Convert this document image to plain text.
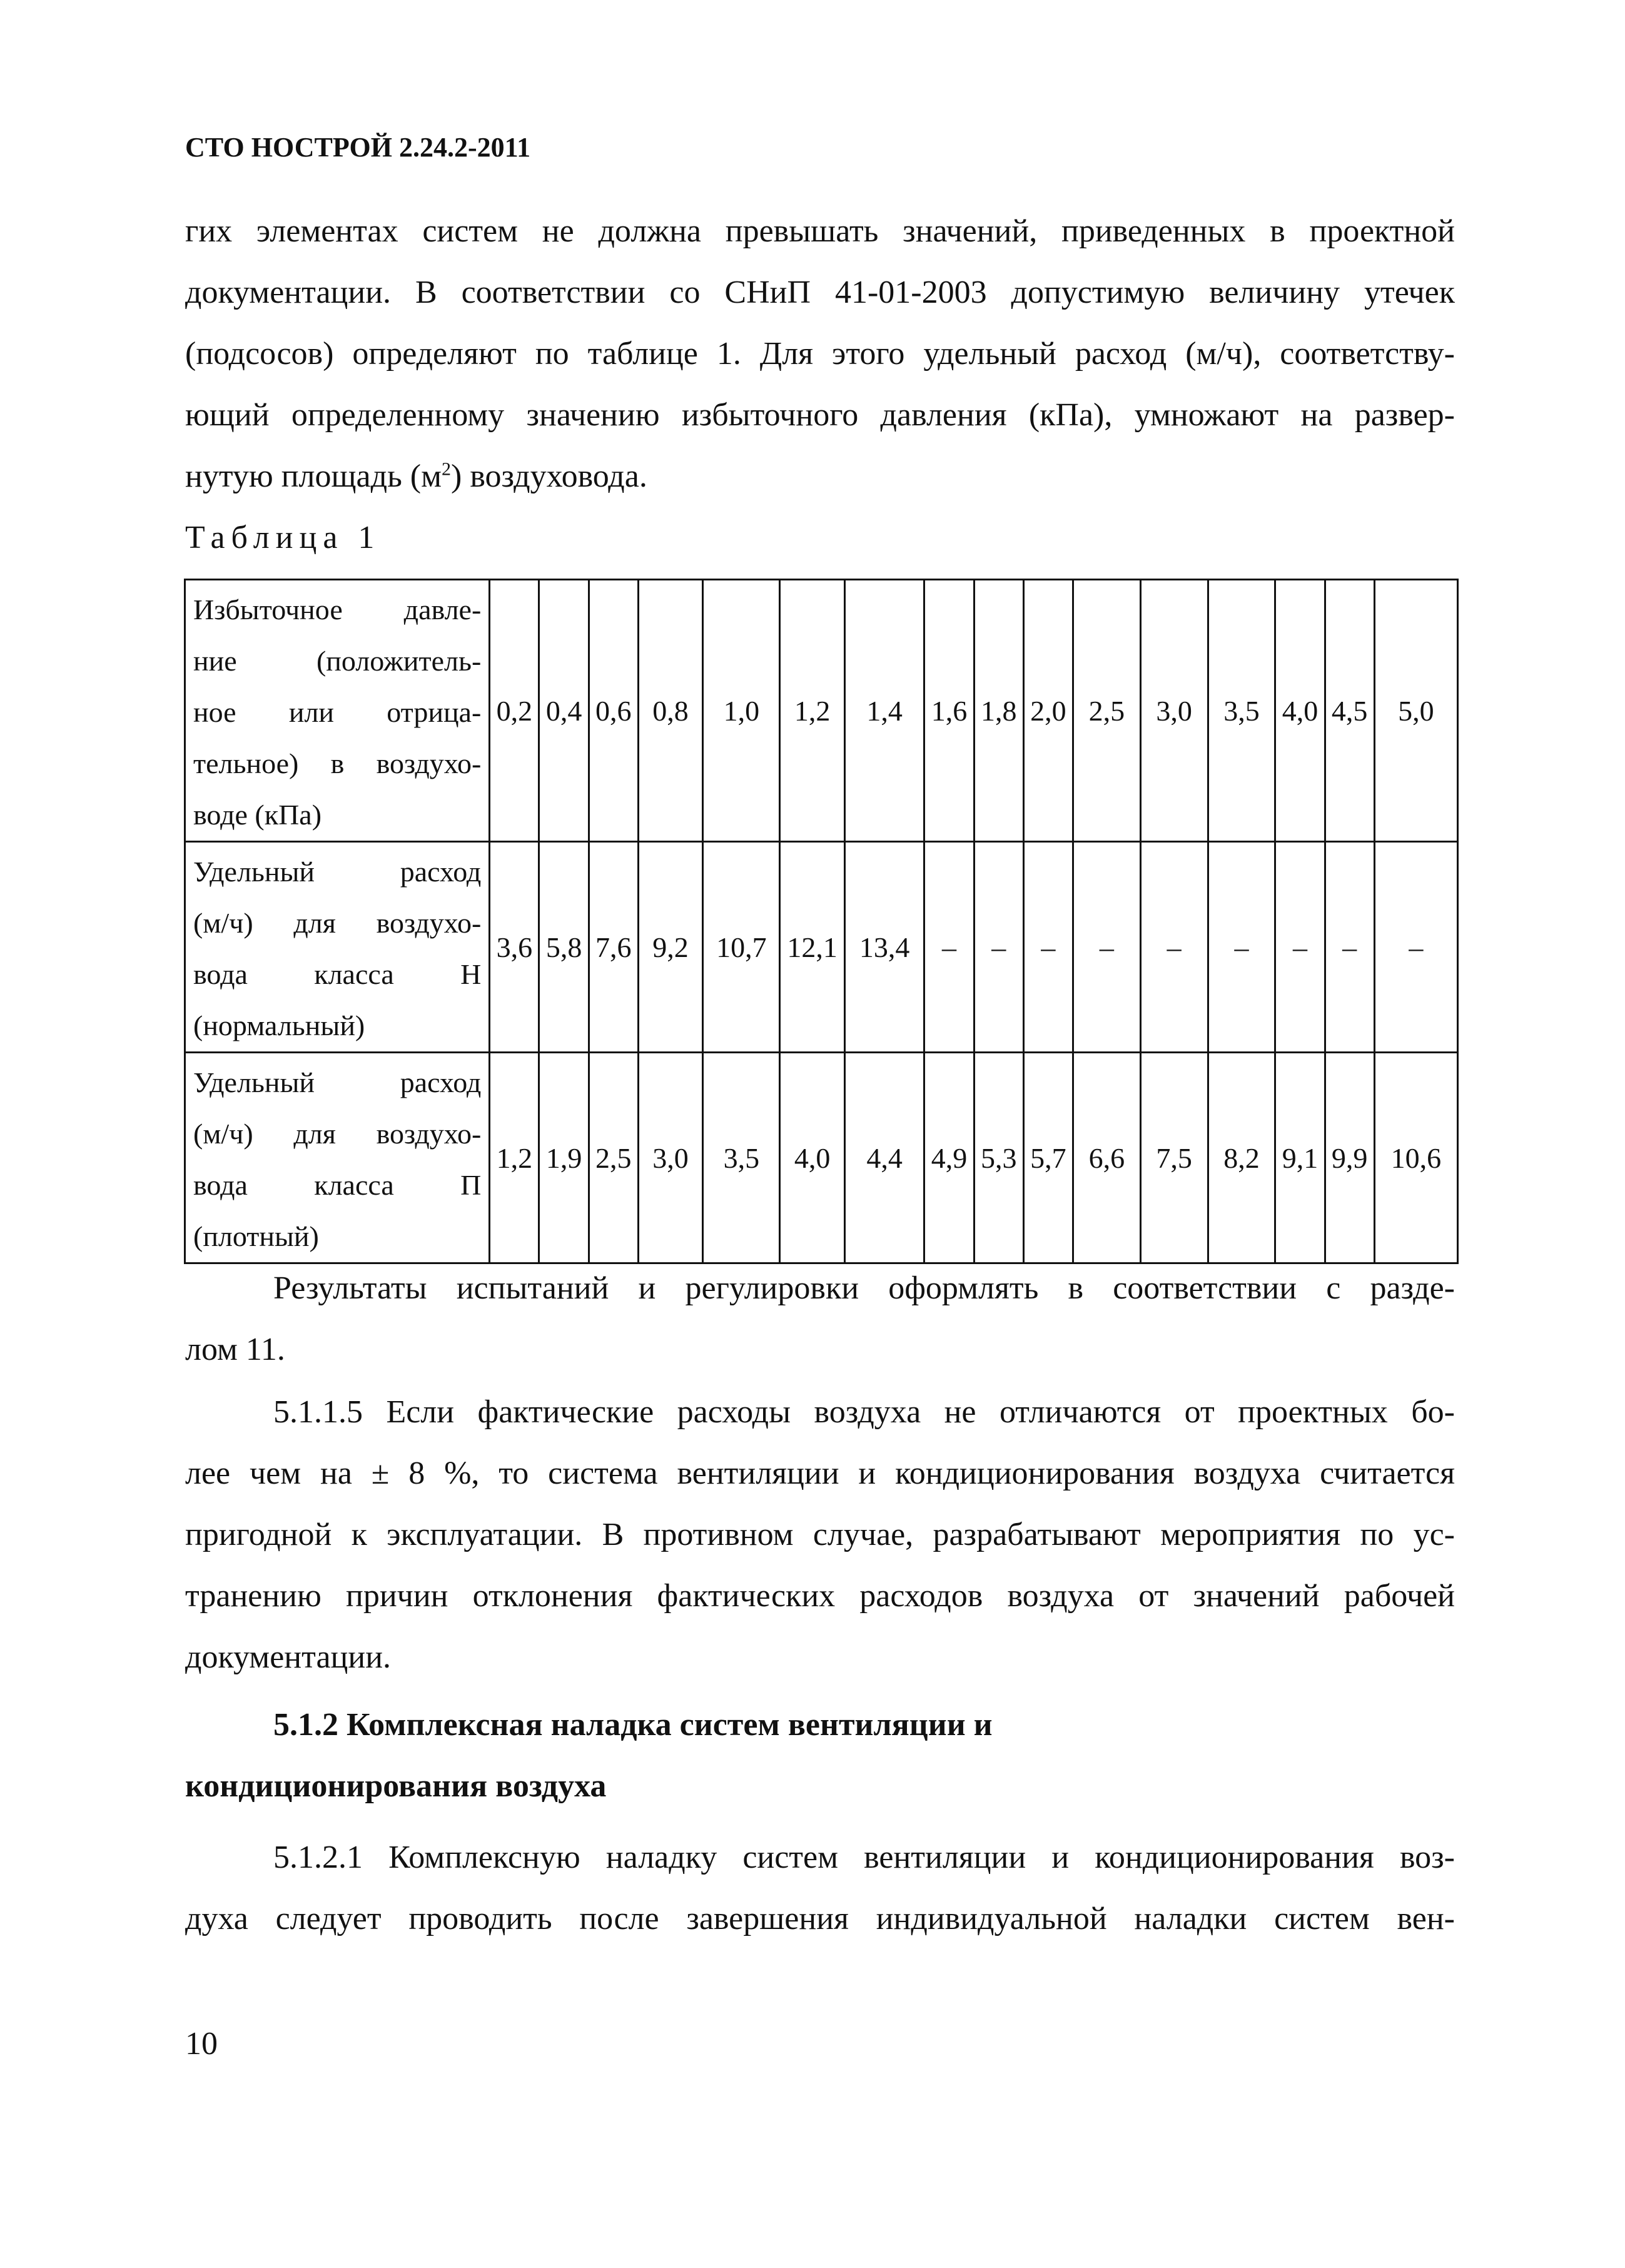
СТО НОСТРОЙ 2.24.2-2011
гих элементах систем не должна превышать значений, приведенных в проектной
документации. В соответствии со СНиП 41-01-2003 допустимую величину утечек
(подсосов) определяют по таблице 1. Для этого удельный расход (м/ч), соответству-
ющий определенному значению избыточного давления (кПа), умножают на развер-
нутую площадь $(м^2)$ воздуховода.
Таблица 1
Избыточное давле-
ние (положитель-
ное или отрица-
тельное) в воздухо-
воде (кПа)	0,2	0,4	0,6	0,8	1,0	1,2	1,4	1,6	1,8	2,0	2,5	3,0	3,5	4,0	4,5	5,0

Удельный расход
(м/ч) для воздухо-
вода класса Н
(нормальный)	3,6	5,8	7,6	9,2	10,7	12,1	13,4	–	–	–	–	–	–	–	–	–

Удельный расход
(м/ч) для воздухо-
вода класса П
(плотный)	1,2	1,9	2,5	3,0	3,5	4,0	4,4	4,9	5,3	5,7	6,6	7,5	8,2	9,1	9,9	10,6
Результаты испытаний и регулировки оформлять в соответствии с разде-
лом 11.
5.1.1.5 Если фактические расходы воздуха не отличаются от проектных бо-
лее чем на ± 8 %, то система вентиляции и кондиционирования воздуха считается
пригодной к эксплуатации. В противном случае, разрабатывают мероприятия по ус-
транению причин отклонения фактических расходов воздуха от значений рабочей
документации.
5.1.2 Комплексная наладка систем вентиляции и
кондиционирования воздуха
5.1.2.1 Комплексную наладку систем вентиляции и кондиционирования воз-
духа следует проводить после завершения индивидуальной наладки систем вен-
10
